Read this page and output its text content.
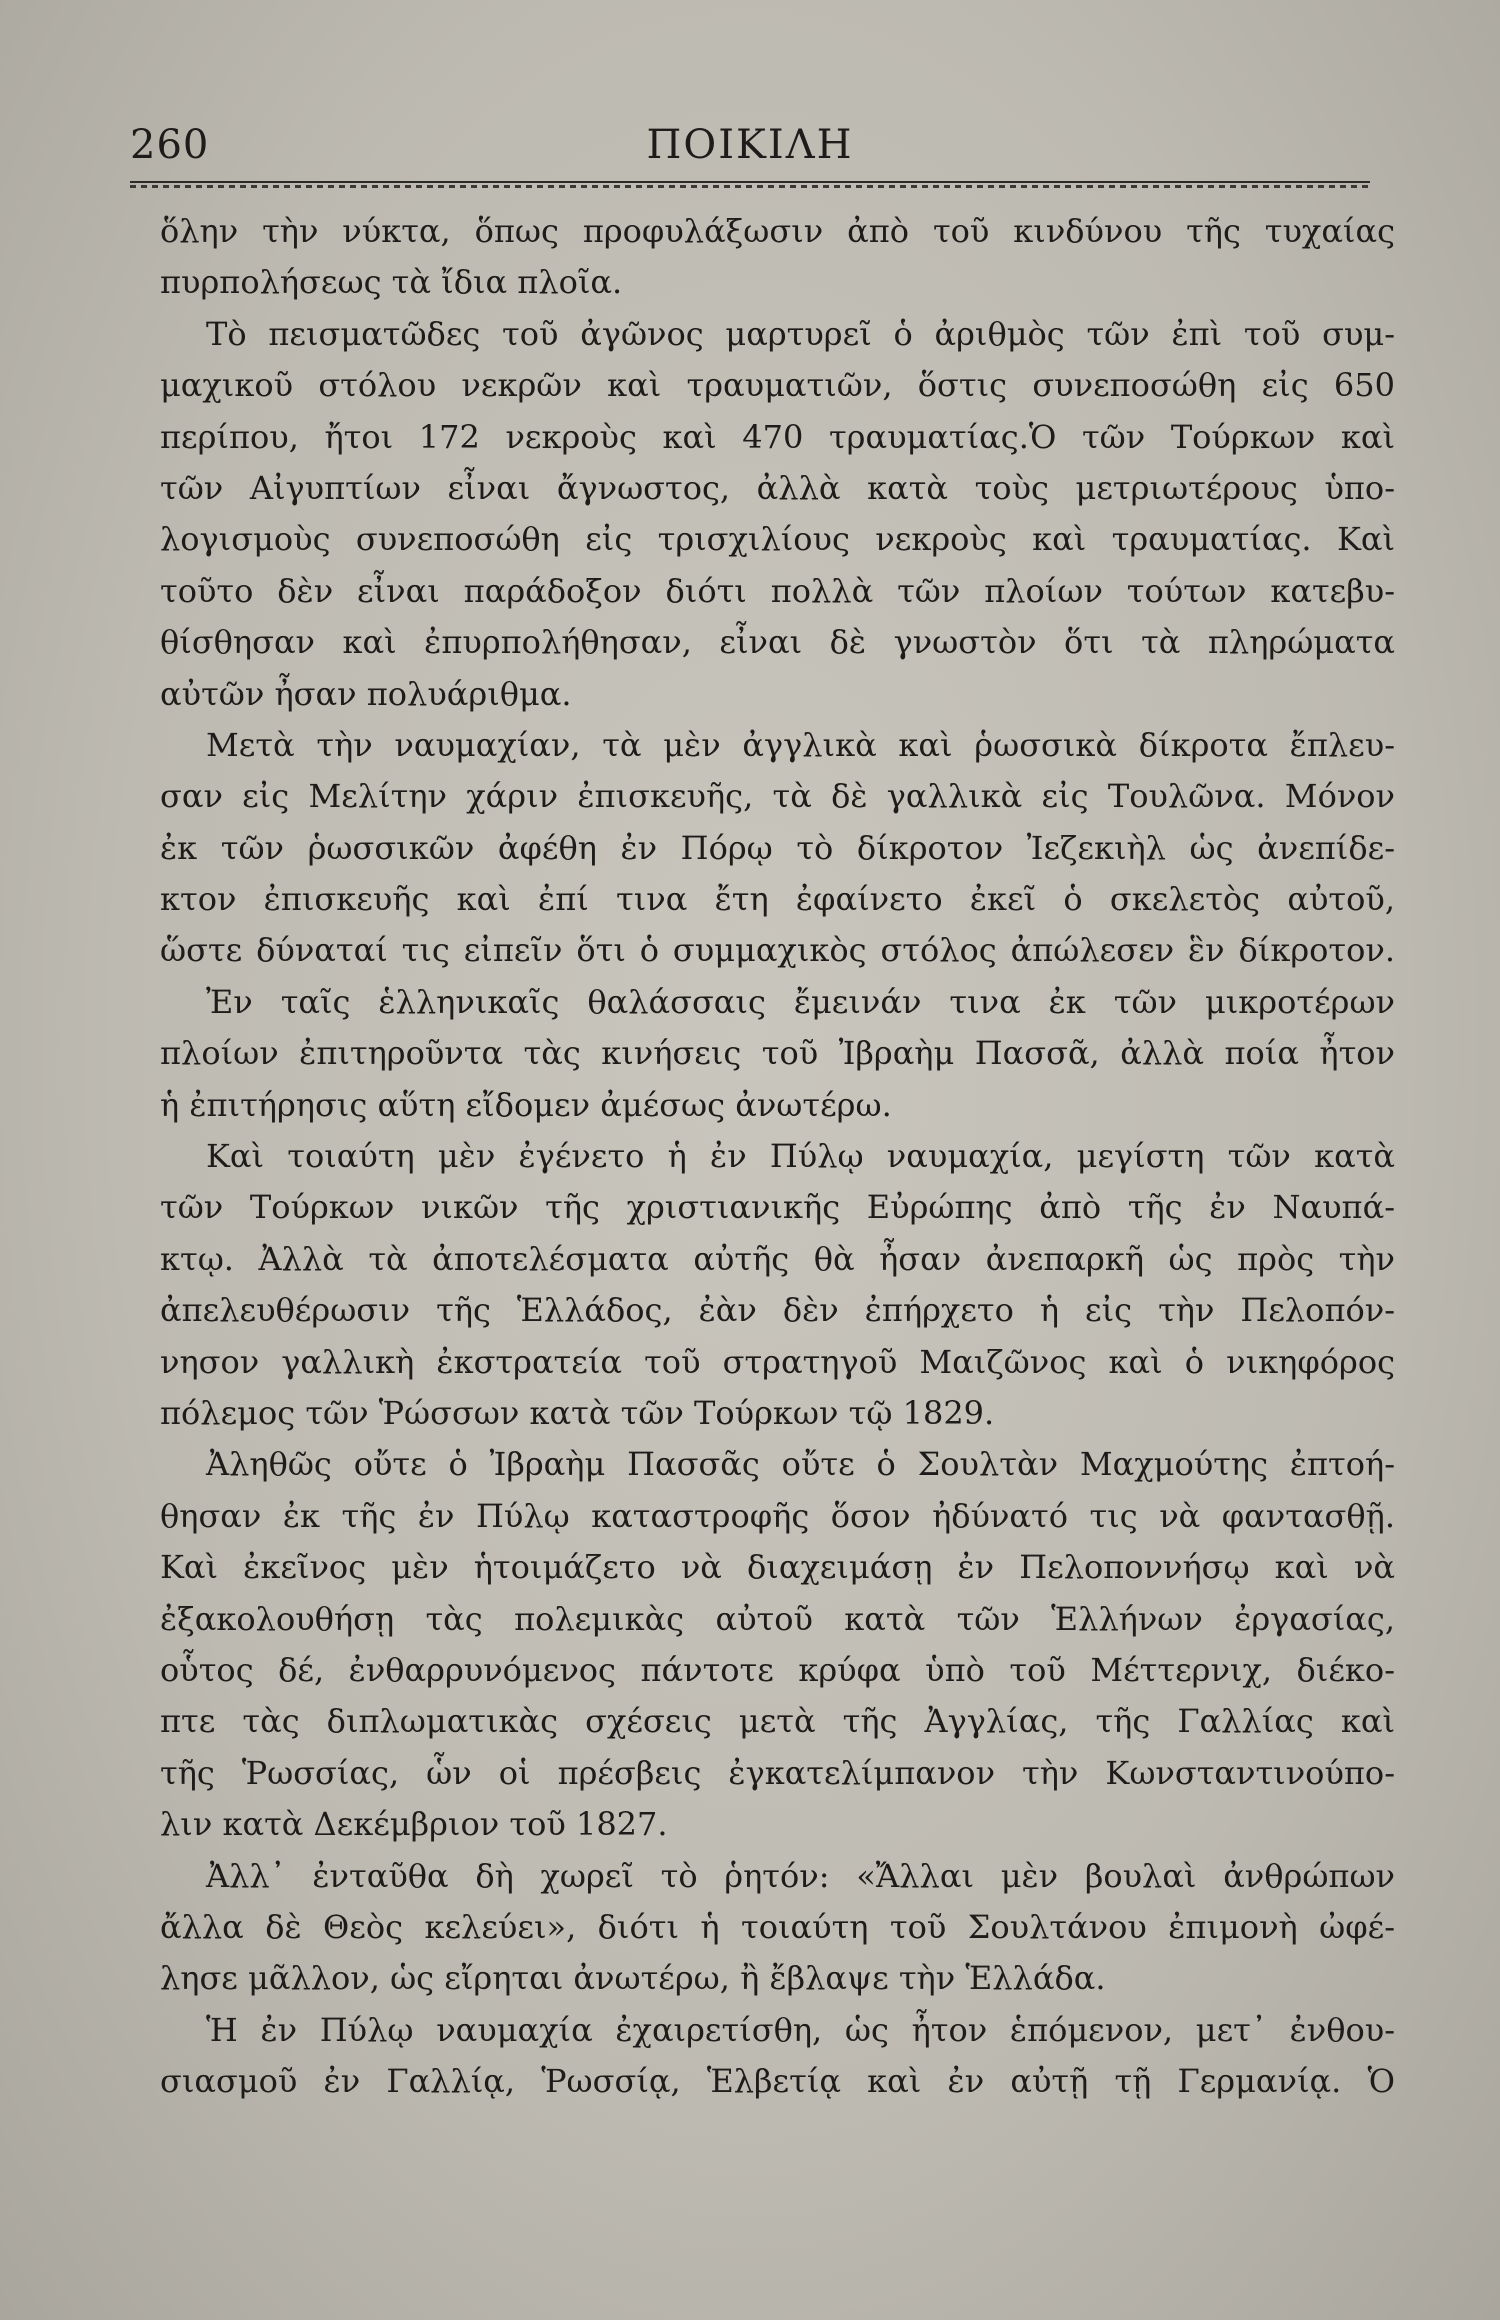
260	ΠΟΙΚΙΛΗ
ὅλην τὴν νύκτα, ὅπως προφυλάξωσιν ἀπὸ τοῦ κινδύνου τῆς τυχαίας
πυρπολήσεως τὰ ἴδια πλοῖα.
Τὸ πεισματῶδες τοῦ ἀγῶνος μαρτυρεῖ ὁ ἀριθμὸς τῶν ἐπὶ τοῦ συμ-
μαχικοῦ στόλου νεκρῶν καὶ τραυματιῶν, ὅστις συνεποσώθη εἰς 650
περίπου, ἤτοι 172 νεκροὺς καὶ 470 τραυματίας.Ὁ τῶν Τούρκων καὶ
τῶν Αἰγυπτίων εἶναι ἄγνωστος, ἀλλὰ κατὰ τοὺς μετριωτέρους ὑπο-
λογισμοὺς συνεποσώθη εἰς τρισχιλίους νεκροὺς καὶ τραυματίας. Καὶ
τοῦτο δὲν εἶναι παράδοξον διότι πολλὰ τῶν πλοίων τούτων κατεβυ-
θίσθησαν καὶ ἐπυρπολήθησαν, εἶναι δὲ γνωστὸν ὅτι τὰ πληρώματα
αὐτῶν ἦσαν πολυάριθμα.
Μετὰ τὴν ναυμαχίαν, τὰ μὲν ἀγγλικὰ καὶ ῥωσσικὰ δίκροτα ἔπλευ-
σαν εἰς Μελίτην χάριν ἐπισκευῆς, τὰ δὲ γαλλικὰ εἰς Τουλῶνα. Μόνον
ἐκ τῶν ῥωσσικῶν ἀφέθη ἐν Πόρῳ τὸ δίκροτον Ἰεζεκιὴλ ὡς ἀνεπίδε-
κτον ἐπισκευῆς καὶ ἐπί τινα ἔτη ἐφαίνετο ἐκεῖ ὁ σκελετὸς αὐτοῦ,
ὥστε δύναταί τις εἰπεῖν ὅτι ὁ συμμαχικὸς στόλος ἀπώλεσεν ἓν δίκροτον.
Ἐν ταῖς ἑλληνικαῖς θαλάσσαις ἔμεινάν τινα ἐκ τῶν μικροτέρων
πλοίων ἐπιτηροῦντα τὰς κινήσεις τοῦ Ἰβραὴμ Πασσᾶ, ἀλλὰ ποία ἦτον
ἡ ἐπιτήρησις αὕτη εἴδομεν ἀμέσως ἀνωτέρω.
Καὶ τοιαύτη μὲν ἐγένετο ἡ ἐν Πύλῳ ναυμαχία, μεγίστη τῶν κατὰ
τῶν Τούρκων νικῶν τῆς χριστιανικῆς Εὐρώπης ἀπὸ τῆς ἐν Ναυπά-
κτῳ. Ἀλλὰ τὰ ἀποτελέσματα αὐτῆς θὰ ἦσαν ἀνεπαρκῆ ὡς πρὸς τὴν
ἀπελευθέρωσιν τῆς Ἑλλάδος, ἐὰν δὲν ἐπήρχετο ἡ εἰς τὴν Πελοπόν-
νησον γαλλικὴ ἐκστρατεία τοῦ στρατηγοῦ Μαιζῶνος καὶ ὁ νικηφόρος
πόλεμος τῶν Ῥώσσων κατὰ τῶν Τούρκων τῷ 1829.
Ἀληθῶς οὔτε ὁ Ἰβραὴμ Πασσᾶς οὔτε ὁ Σουλτὰν Μαχμούτης ἐπτοή-
θησαν ἐκ τῆς ἐν Πύλῳ καταστροφῆς ὅσον ἠδύνατό τις νὰ φαντασθῇ.
Καὶ ἐκεῖνος μὲν ἡτοιμάζετο νὰ διαχειμάσῃ ἐν Πελοποννήσῳ καὶ νὰ
ἐξακολουθήσῃ τὰς πολεμικὰς αὐτοῦ κατὰ τῶν Ἑλλήνων ἐργασίας,
οὗτος δέ, ἐνθαρρυνόμενος πάντοτε κρύφα ὑπὸ τοῦ Μέττερνιχ, διέκο-
πτε τὰς διπλωματικὰς σχέσεις μετὰ τῆς Ἀγγλίας, τῆς Γαλλίας καὶ
τῆς Ῥωσσίας, ὧν οἱ πρέσβεις ἐγκατελίμπανον τὴν Κωνσταντινούπο-
λιν κατὰ Δεκέμβριον τοῦ 1827.
Ἀλλ᾽ ἐνταῦθα δὴ χωρεῖ τὸ ῥητόν: «Ἄλλαι μὲν βουλαὶ ἀνθρώπων
ἄλλα δὲ Θεὸς κελεύει», διότι ἡ τοιαύτη τοῦ Σουλτάνου ἐπιμονὴ ὠφέ-
λησε μᾶλλον, ὡς εἴρηται ἀνωτέρω, ἢ ἔβλαψε τὴν Ἑλλάδα.
Ἡ ἐν Πύλῳ ναυμαχία ἐχαιρετίσθη, ὡς ἦτον ἑπόμενον, μετ᾽ ἐνθου-
σιασμοῦ ἐν Γαλλίᾳ, Ῥωσσίᾳ, Ἑλβετίᾳ καὶ ἐν αὐτῇ τῇ Γερμανίᾳ. Ὁ
